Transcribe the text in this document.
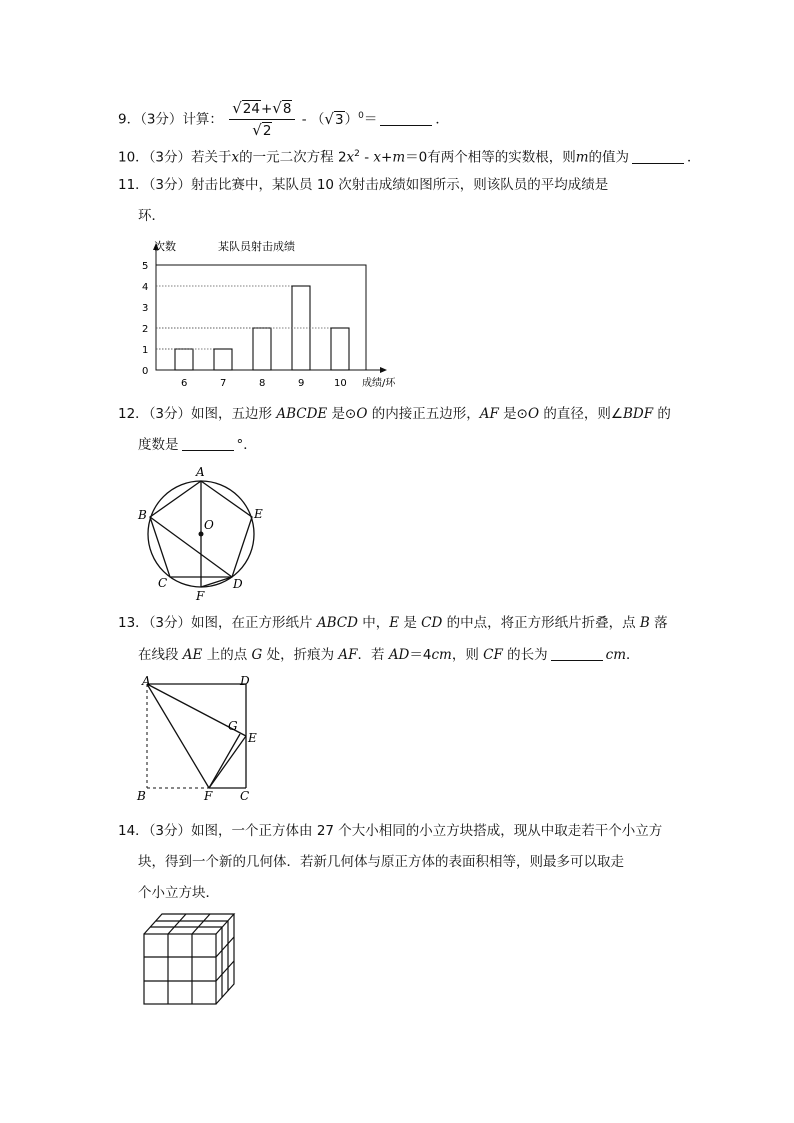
9．（3分）计算： $\frac{√24+√8}{√2} - (√3)^0=$	．
10．（3分）若关于x的一元二次方程 $2x^2 - x+m=0$有两个相等的实数根，则m的值为	．
11．（3分）射击比赛中，某队员 10 次射击成绩如图所示，则该队员的平均成绩是
环．
0
1
2
3
4
5
6	7	8	9	10
次数	某队员射击成绩
成绩/环
12．（3分）如图，五边形 ABCDE 是⊙O 的内接正五边形，AF 是⊙O 的直径，则∠BDF 的
度数是	°．
A
B
C	D
E
F
O
13．（3分）如图，在正方形纸片 ABCD 中，E 是 CD 的中点，将正方形纸片折叠，点 B 落
在线段 AE 上的点 G 处，折痕为 AF．若 AD＝4cm，则 CF 的长为	cm．
A	D
G
E
B	F C
14．（3分）如图，一个正方体由 27 个大小相同的小立方块搭成，现从中取走若干个小立方
块，得到一个新的几何体．若新几何体与原正方体的表面积相等，则最多可以取走
个小立方块．
